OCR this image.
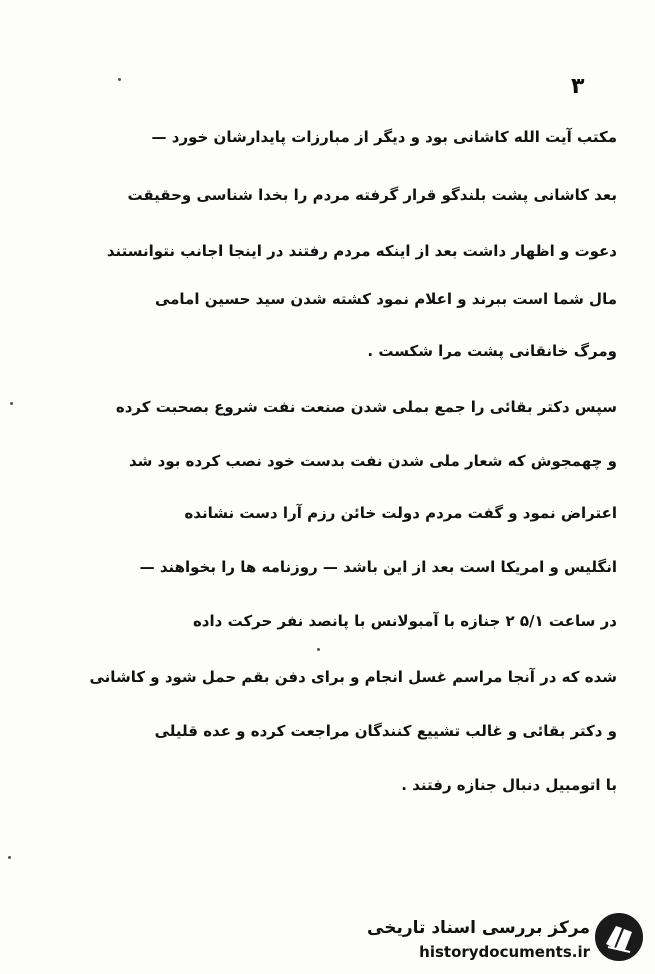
۳
مکتب آیت الله کاشانی بود و دیگر از مبارزات پایدارشان خورد —
بعد کاشانی پشت بلندگو قرار گرفته مردم را بخدا شناسی وحقیقت
دعوت و اظهار داشت بعد از اینکه مردم رفتند در اینجا اجانب نتوانستند
مال شما است ببرند و اعلام نمود کشته شدن سید حسین امامی
ومرگ خانقانی پشت مرا شکست .
سپس دکتر بقائی را جمع بملی شدن صنعت نفت شروع بصحبت کرده
و چهمجوش که شعار ملی شدن نفت بدست خود نصب کرده بود شد
اعتراض نمود و گفت مردم دولت خائن رزم آرا دست نشانده
انگلیس و امریکا است بعد از این باشد — روزنامه ها را بخواهند —
در ساعت ۵/۱ ۲ جنازه با آمبولانس با پانصد نفر حرکت داده
شده که در آنجا مراسم غسل انجام و برای دفن بقم حمل شود و کاشانی
و دکتر بقائی و غالب تشییع کنندگان مراجعت کرده و عده قلیلی
با اتومبیل دنبال جنازه رفتند .
مرکز بررسی اسناد تاریخی
historydocuments.ir
